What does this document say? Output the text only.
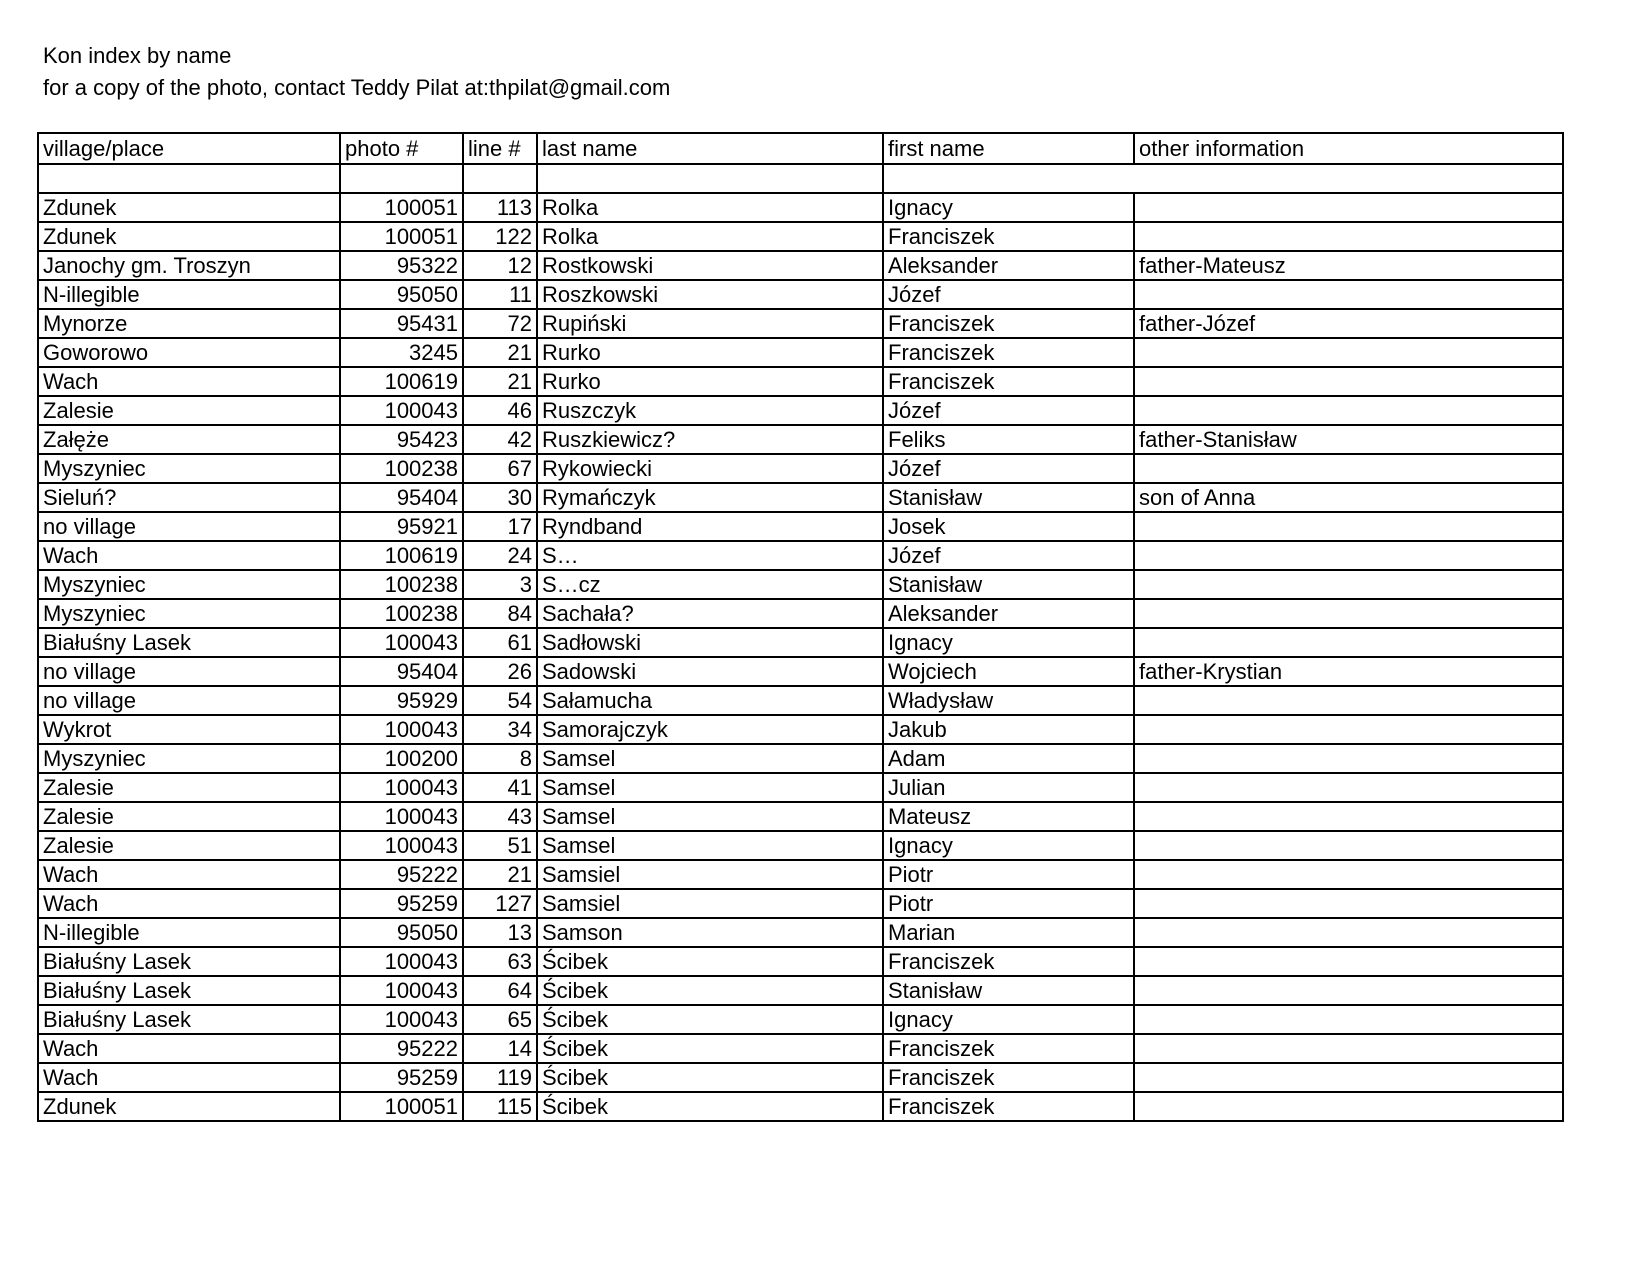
Kon index by name
for a copy of the photo, contact Teddy Pilat at:thpilat@gmail.com
village/place	photo #	line #	last name	first name	other information

Zdunek	100051	113	Rolka	Ignacy	
Zdunek	100051	122	Rolka	Franciszek	
Janochy gm. Troszyn	95322	12	Rostkowski	Aleksander	father-Mateusz
N-illegible	95050	11	Roszkowski	Józef	
Mynorze	95431	72	Rupiński	Franciszek	father-Józef
Goworowo	3245	21	Rurko	Franciszek	
Wach	100619	21	Rurko	Franciszek	
Zalesie	100043	46	Ruszczyk	Józef	
Załęże	95423	42	Ruszkiewicz?	Feliks	father-Stanisław
Myszyniec	100238	67	Rykowiecki	Józef	
Sieluń?	95404	30	Rymańczyk	Stanisław	son of Anna
no village	95921	17	Ryndband	Josek	
Wach	100619	24	S…	Józef	
Myszyniec	100238	3	S…cz	Stanisław	
Myszyniec	100238	84	Sachała?	Aleksander	
Białuśny Lasek	100043	61	Sadłowski	Ignacy	
no village	95404	26	Sadowski	Wojciech	father-Krystian
no village	95929	54	Sałamucha	Władysław	
Wykrot	100043	34	Samorajczyk	Jakub	
Myszyniec	100200	8	Samsel	Adam	
Zalesie	100043	41	Samsel	Julian	
Zalesie	100043	43	Samsel	Mateusz	
Zalesie	100043	51	Samsel	Ignacy	
Wach	95222	21	Samsiel	Piotr	
Wach	95259	127	Samsiel	Piotr	
N-illegible	95050	13	Samson	Marian	
Białuśny Lasek	100043	63	Ścibek	Franciszek	
Białuśny Lasek	100043	64	Ścibek	Stanisław	
Białuśny Lasek	100043	65	Ścibek	Ignacy	
Wach	95222	14	Ścibek	Franciszek	
Wach	95259	119	Ścibek	Franciszek	
Zdunek	100051	115	Ścibek	Franciszek	
